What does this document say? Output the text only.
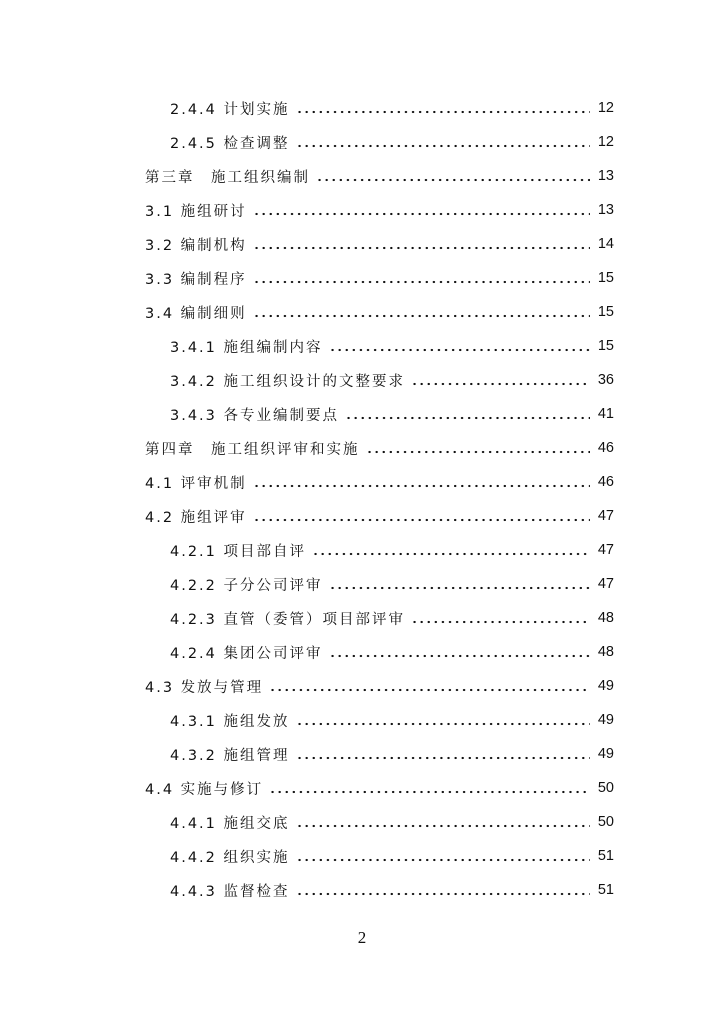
2.4.4 计划实施	12
2.4.5 检查调整	12
第三章　施工组织编制	13
3.1 施组研讨	13
3.2 编制机构	14
3.3 编制程序	15
3.4 编制细则	15
3.4.1 施组编制内容	15
3.4.2 施工组织设计的文整要求	36
3.4.3 各专业编制要点	41
第四章　施工组织评审和实施	46
4.1 评审机制	46
4.2 施组评审	47
4.2.1 项目部自评	47
4.2.2 子分公司评审	47
4.2.3 直管（委管）项目部评审	48
4.2.4 集团公司评审	48
4.3 发放与管理	49
4.3.1 施组发放	49
4.3.2 施组管理	49
4.4 实施与修订	50
4.4.1 施组交底	50
4.4.2 组织实施	51
4.4.3 监督检查	51
2
